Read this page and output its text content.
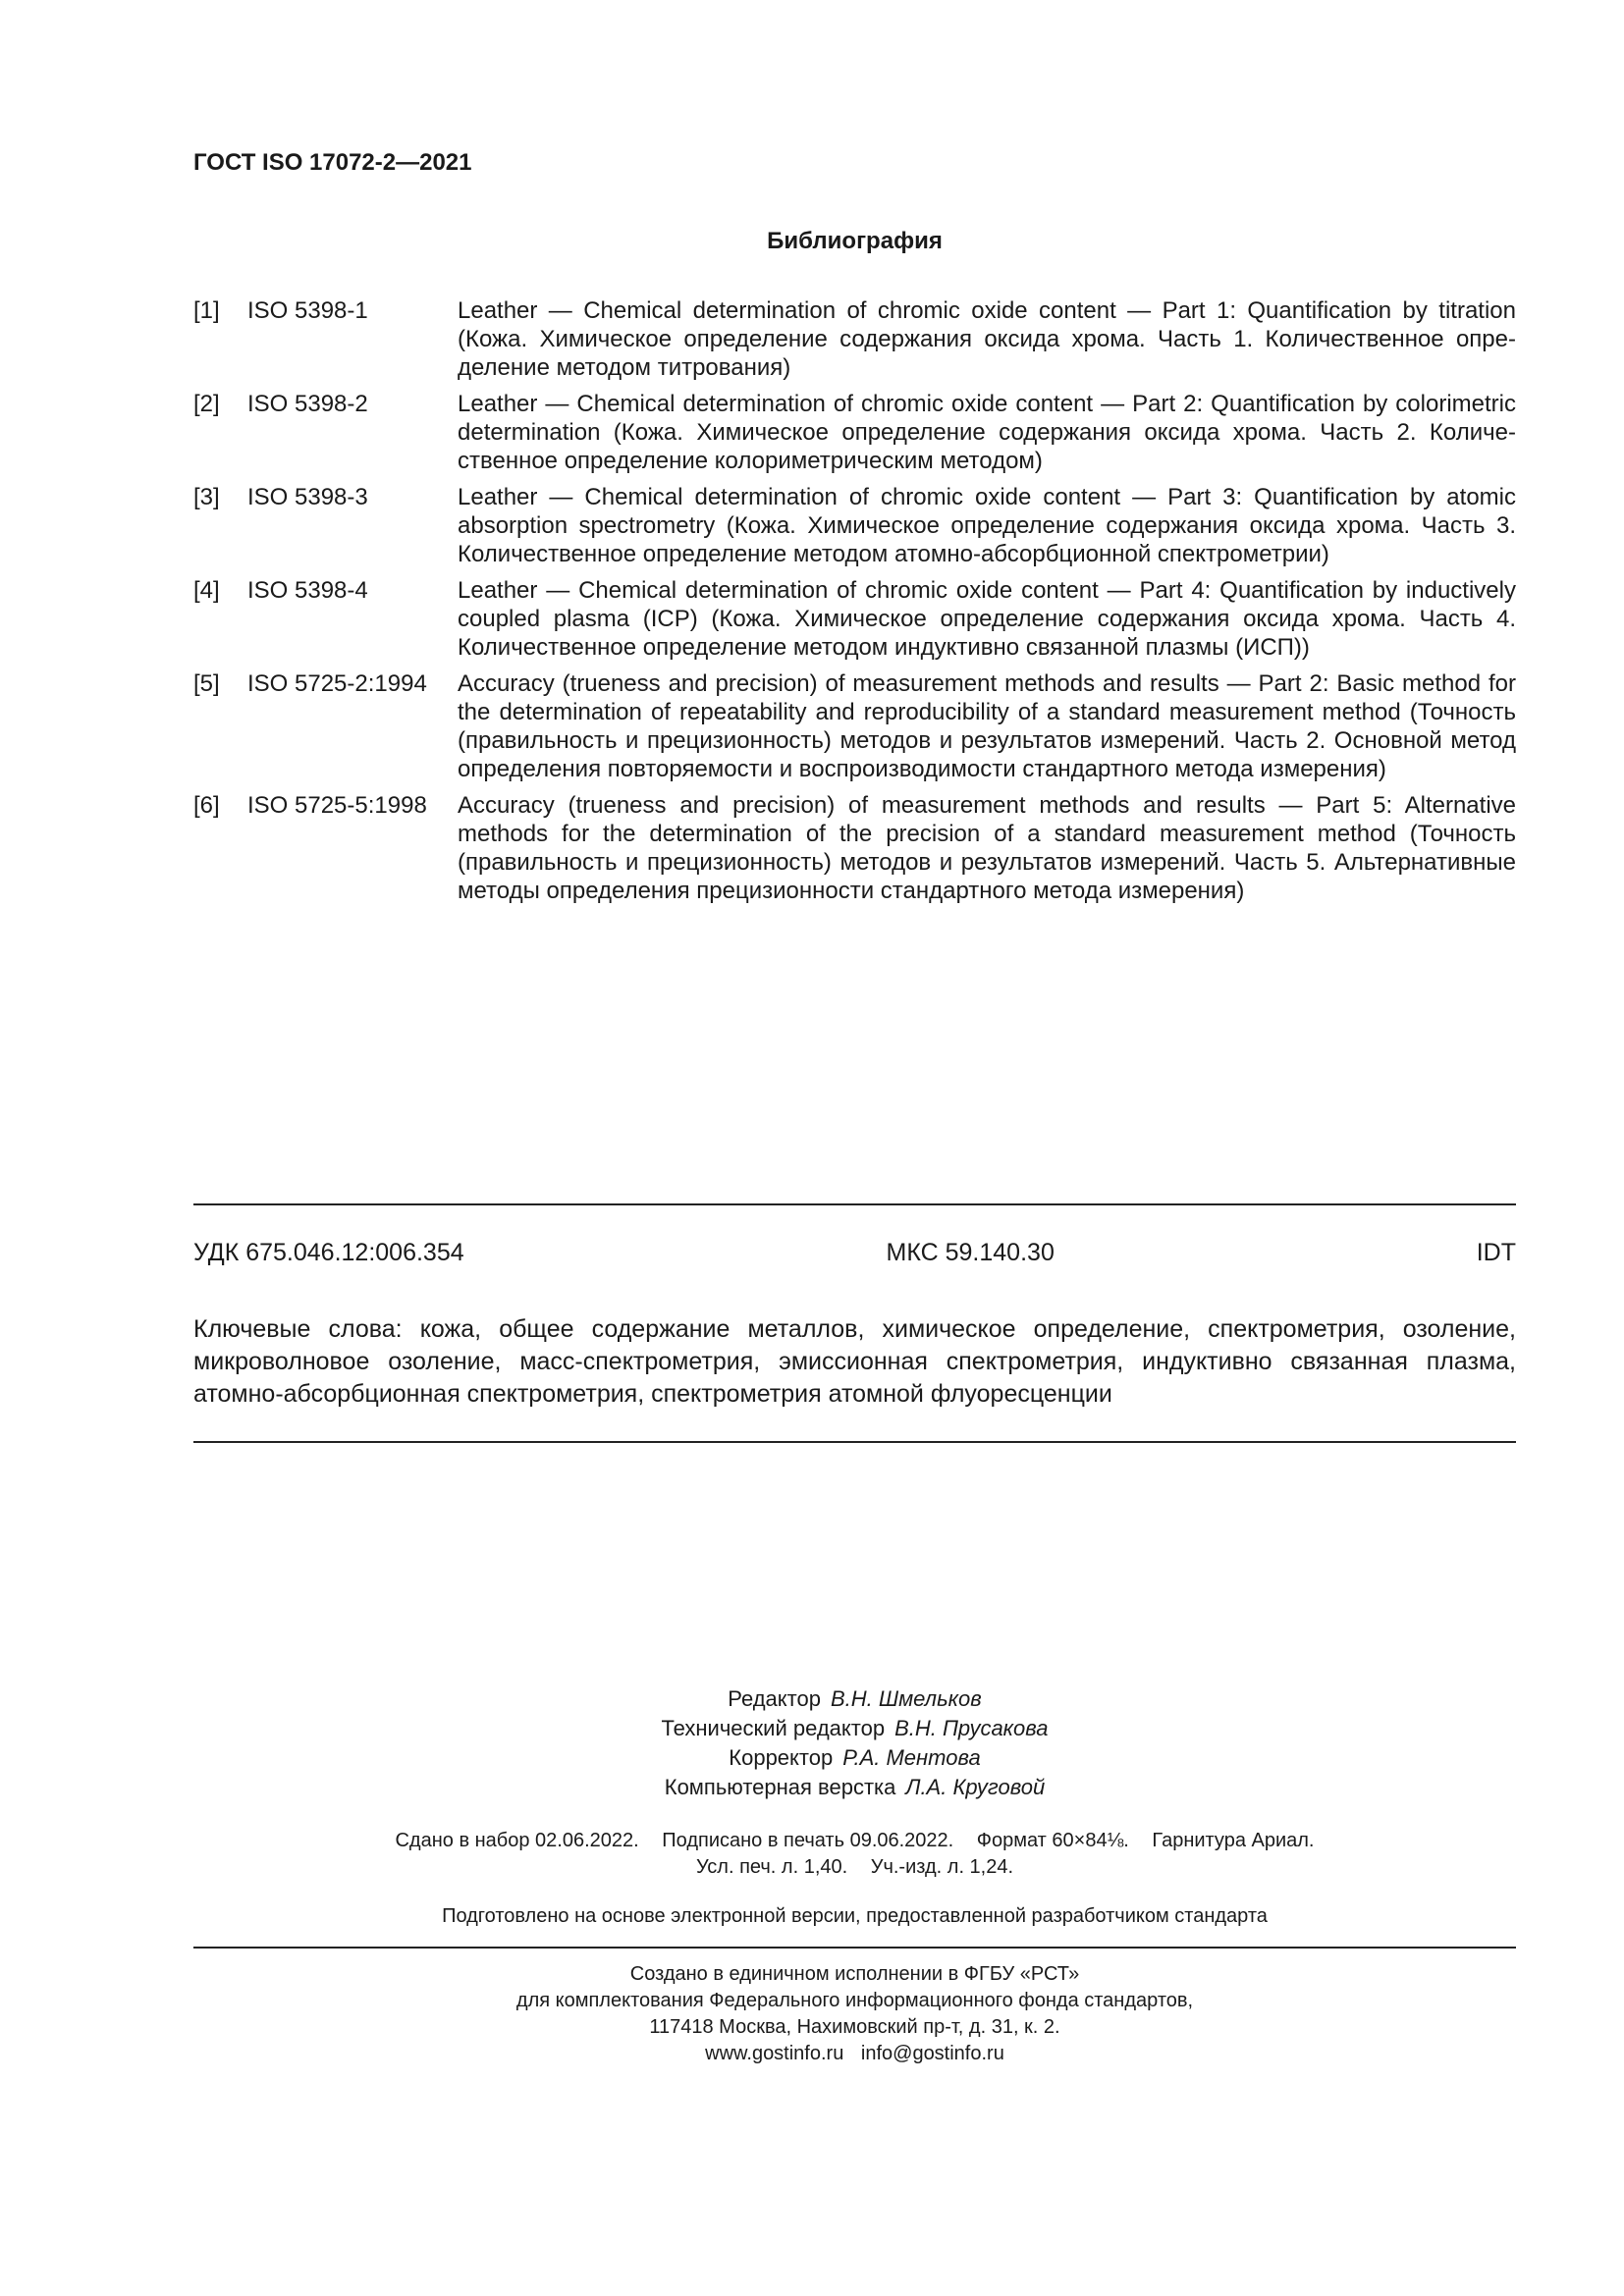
ГОСТ ISO 17072-2—2021
Библиография
[1]	ISO 5398-1	Leather — Chemical determination of chromic oxide content — Part 1: Quantification by titration (Кожа. Химическое определение содержания оксида хрома. Часть 1. Количественное определение методом титрования)
[2]	ISO 5398-2	Leather — Chemical determination of chromic oxide content — Part 2: Quantification by colorimetric determination (Кожа. Химическое определение содержания оксида хрома. Часть 2. Количественное определение колориметрическим методом)
[3]	ISO 5398-3	Leather — Chemical determination of chromic oxide content — Part 3: Quantification by atomic absorption spectrometry (Кожа. Химическое определение содержания оксида хрома. Часть 3. Количественное определение методом атомно-абсорбционной спектрометрии)
[4]	ISO 5398-4	Leather — Chemical determination of chromic oxide content — Part 4: Quantification by inductively coupled plasma (ICP) (Кожа. Химическое определение содержания оксида хрома. Часть 4. Количественное определение методом индуктивно связанной плазмы (ИСП))
[5]	ISO 5725-2:1994	Accuracy (trueness and precision) of measurement methods and results — Part 2: Basic method for the determination of repeatability and reproducibility of a standard measurement method (Точность (правильность и прецизионность) методов и результатов измерений. Часть 2. Основной метод определения повторяемости и воспроизводимости стандартного метода измерения)
[6]	ISO 5725-5:1998	Accuracy (trueness and precision) of measurement methods and results — Part 5: Alternative methods for the determination of the precision of a standard measurement method (Точность (правильность и прецизионность) методов и результатов измерений. Часть 5. Альтернативные методы определения прецизионности стандартного метода измерения)
УДК 675.046.12:006.354	МКС 59.140.30	IDT

Ключевые слова: кожа, общее содержание металлов, химическое определение, спектрометрия, озоление, микроволновое озоление, масс-спектрометрия, эмиссионная спектрометрия, индуктивно связанная плазма, атомно-абсорбционная спектрометрия, спектрометрия атомной флуоресценции

Редактор В.Н. Шмельков
Технический редактор В.Н. Прусакова
Корректор Р.А. Ментова
Компьютерная верстка Л.А. Круговой
Сдано в набор 02.06.2022. Подписано в печать 09.06.2022. Формат 60×84⅛. Гарнитура Ариал.
Усл. печ. л. 1,40. Уч.-изд. л. 1,24.

Подготовлено на основе электронной версии, предоставленной разработчиком стандарта

Создано в единичном исполнении в ФГБУ «РСТ»
для комплектования Федерального информационного фонда стандартов,
117418 Москва, Нахимовский пр-т, д. 31, к. 2.
www.gostinfo.ru info@gostinfo.ru
